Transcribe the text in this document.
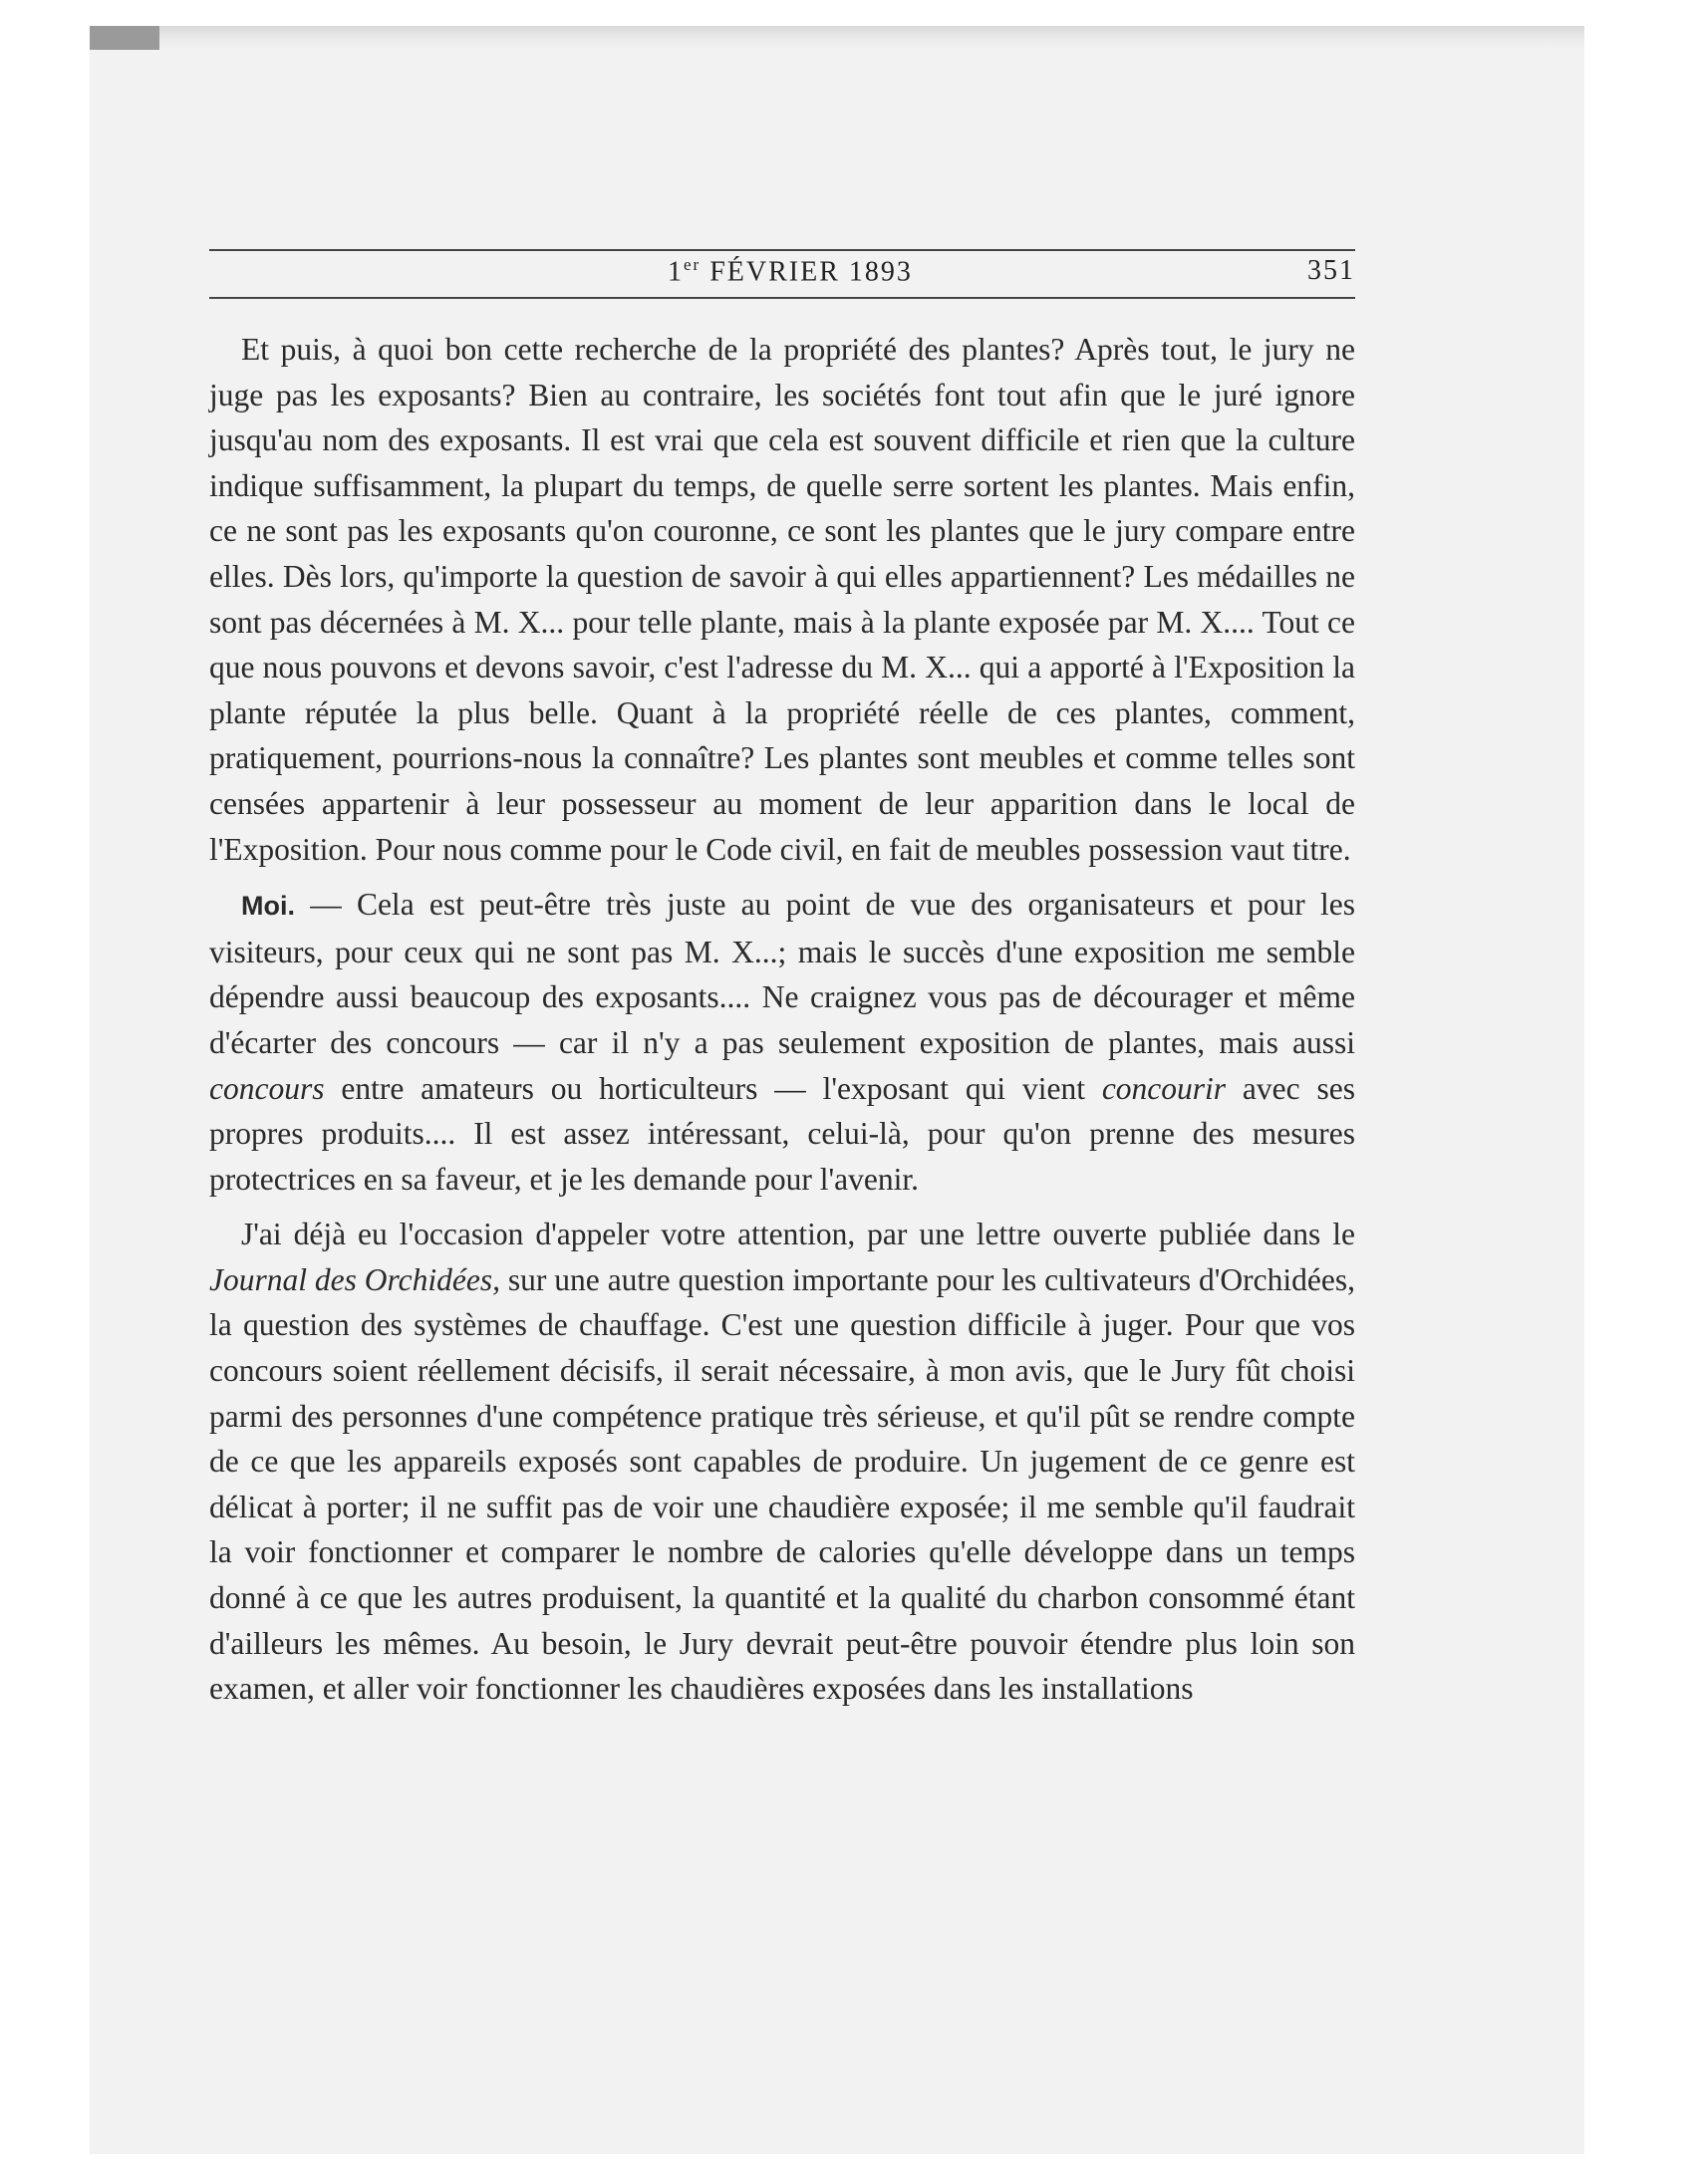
1er FÉVRIER 1893	351

Et puis, à quoi bon cette recherche de la propriété des plantes? Après tout, le jury ne juge pas les exposants? Bien au contraire, les sociétés font tout afin que le juré ignore jusqu'au nom des exposants. Il est vrai que cela est souvent difficile et rien que la culture indique suffisamment, la plupart du temps, de quelle serre sortent les plantes. Mais enfin, ce ne sont pas les exposants qu'on couronne, ce sont les plantes que le jury compare entre elles. Dès lors, qu'importe la question de savoir à qui elles appartiennent? Les médailles ne sont pas décernées à M. X... pour telle plante, mais à la plante exposée par M. X.... Tout ce que nous pouvons et devons savoir, c'est l'adresse du M. X... qui a apporté à l'Exposition la plante réputée la plus belle. Quant à la propriété réelle de ces plantes, comment, pratiquement, pourrions-nous la connaître? Les plantes sont meubles et comme telles sont censées appartenir à leur possesseur au moment de leur apparition dans le local de l'Exposition. Pour nous comme pour le Code civil, en fait de meubles possession vaut titre.

Moi. — Cela est peut-être très juste au point de vue des organisateurs et pour les visiteurs, pour ceux qui ne sont pas M. X...; mais le succès d'une exposition me semble dépendre aussi beaucoup des exposants.... Ne craignez vous pas de décourager et même d'écarter des concours — car il n'y a pas seulement exposition de plantes, mais aussi concours entre amateurs ou horticulteurs — l'exposant qui vient concourir avec ses propres produits.... Il est assez intéressant, celui-là, pour qu'on prenne des mesures protectrices en sa faveur, et je les demande pour l'avenir.

J'ai déjà eu l'occasion d'appeler votre attention, par une lettre ouverte publiée dans le Journal des Orchidées, sur une autre question importante pour les cultivateurs d'Orchidées, la question des systèmes de chauffage. C'est une question difficile à juger. Pour que vos concours soient réellement décisifs, il serait nécessaire, à mon avis, que le Jury fût choisi parmi des personnes d'une compétence pratique très sérieuse, et qu'il pût se rendre compte de ce que les appareils exposés sont capables de produire. Un jugement de ce genre est délicat à porter; il ne suffit pas de voir une chaudière exposée; il me semble qu'il faudrait la voir fonctionner et comparer le nombre de calories qu'elle développe dans un temps donné à ce que les autres produisent, la quantité et la qualité du charbon consommé étant d'ailleurs les mêmes. Au besoin, le Jury devrait peut-être pouvoir étendre plus loin son examen, et aller voir fonctionner les chaudières exposées dans les installations
